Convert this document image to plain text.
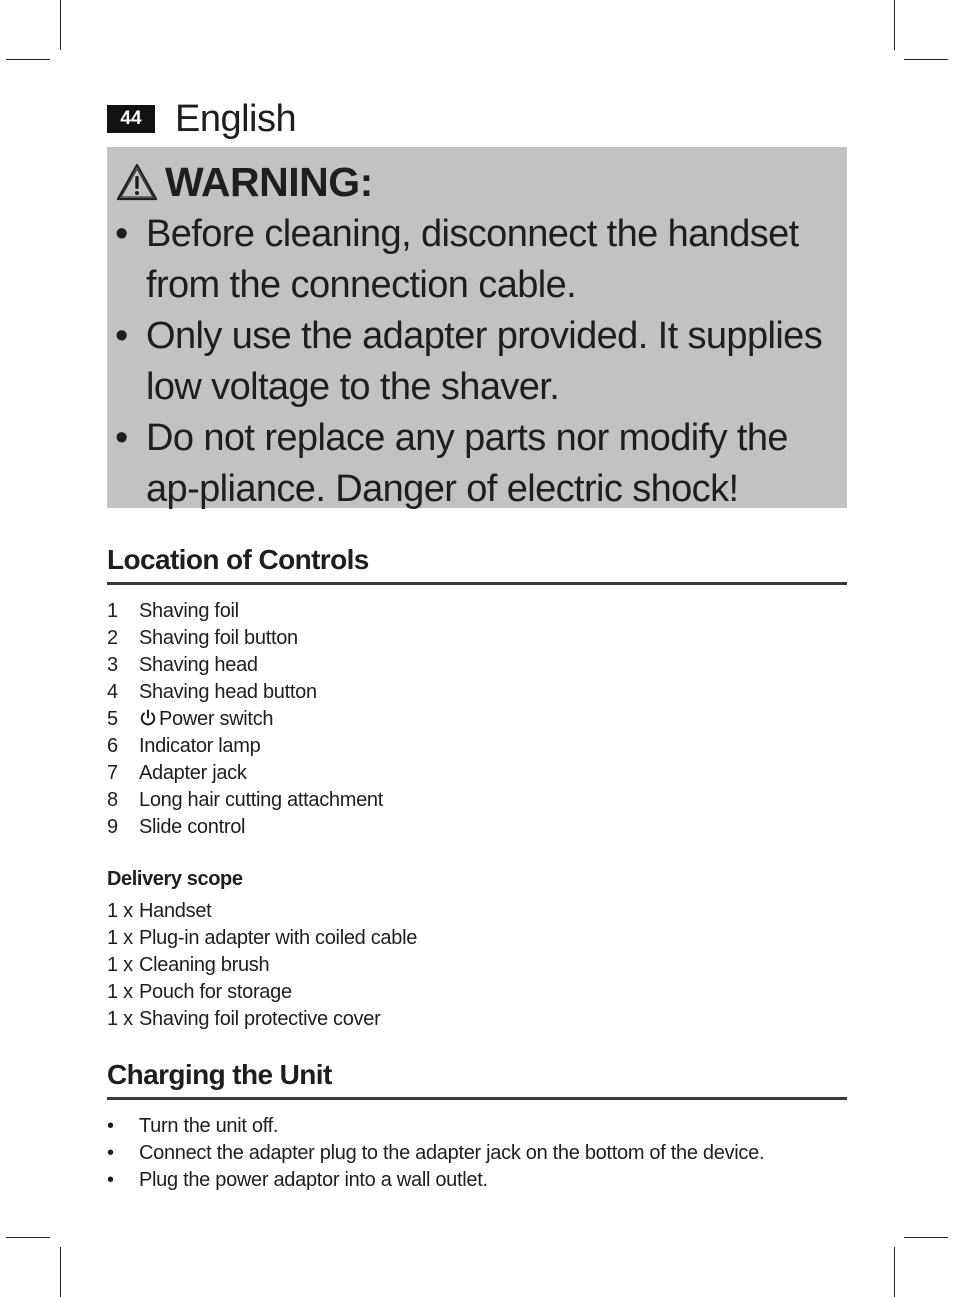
44 English
WARNING:
• Before cleaning, disconnect the handset from the connection cable.
• Only use the adapter provided. It supplies low voltage to the shaver.
• Do not replace any parts nor modify the ap-pliance. Danger of electric shock!
Location of Controls
1	Shaving foil
2	Shaving foil button
3	Shaving head
4	Shaving head button
5	Power switch
6	Indicator lamp
7	Adapter jack
8	Long hair cutting attachment
9	Slide control
Delivery scope
1 x Handset
1 x Plug-in adapter with coiled cable
1 x Cleaning brush
1 x Pouch for storage
1 x Shaving foil protective cover
Charging the Unit
•	Turn the unit off.
•	Connect the adapter plug to the adapter jack on the bottom of the device.
•	Plug the power adaptor into a wall outlet.
